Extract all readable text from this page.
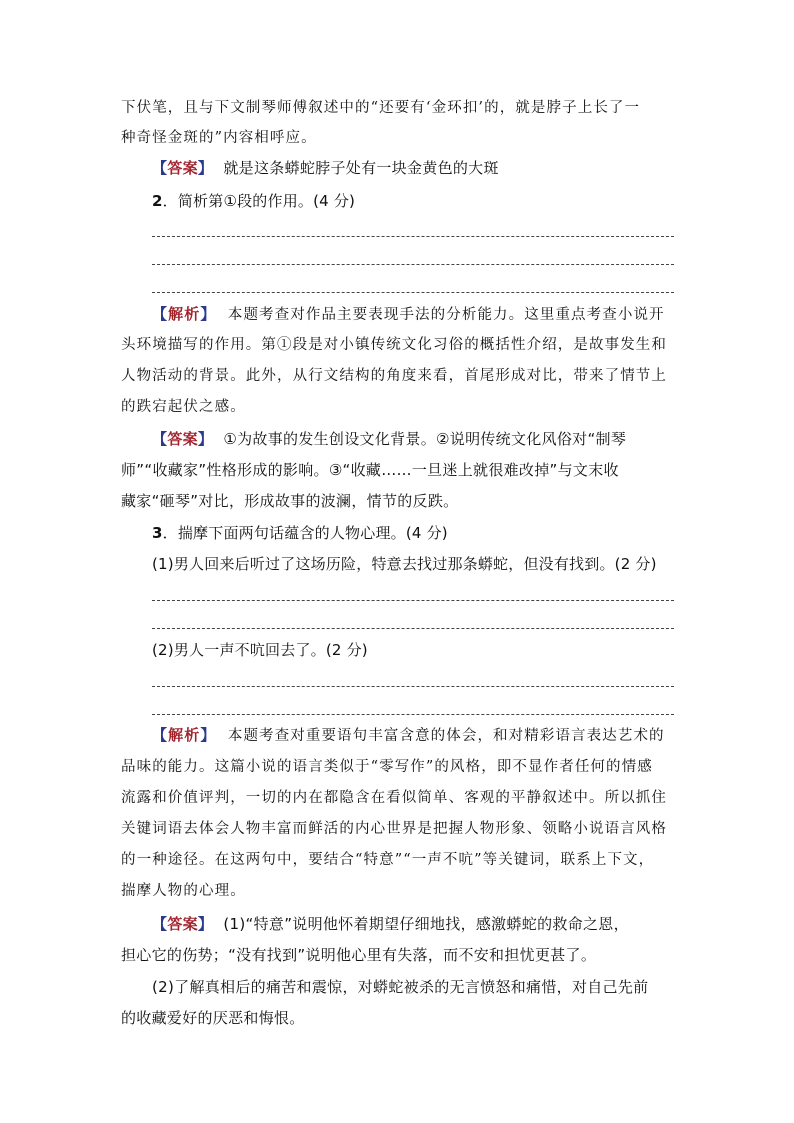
下伏笔，且与下文制琴师傅叙述中的“还要有‘金环扣’的，就是脖子上长了一
种奇怪金斑的”内容相呼应。
【答案】 就是这条蟒蛇脖子处有一块金黄色的大斑
2．简析第①段的作用。(4 分)
【解析】 本题考查对作品主要表现手法的分析能力。这里重点考查小说开
头环境描写的作用。第①段是对小镇传统文化习俗的概括性介绍，是故事发生和
人物活动的背景。此外，从行文结构的角度来看，首尾形成对比，带来了情节上
的跌宕起伏之感。
【答案】 ①为故事的发生创设文化背景。②说明传统文化风俗对“制琴
师”“收藏家”性格形成的影响。③“收藏……一旦迷上就很难改掉”与文末收
藏家“砸琴”对比，形成故事的波澜，情节的反跌。
3．揣摩下面两句话蕴含的人物心理。(4 分)
(1)男人回来后听过了这场历险，特意去找过那条蟒蛇，但没有找到。(2 分)
(2)男人一声不吭回去了。(2 分)
【解析】 本题考查对重要语句丰富含意的体会，和对精彩语言表达艺术的
品味的能力。这篇小说的语言类似于“零写作”的风格，即不显作者任何的情感
流露和价值评判，一切的内在都隐含在看似简单、客观的平静叙述中。所以抓住
关键词语去体会人物丰富而鲜活的内心世界是把握人物形象、领略小说语言风格
的一种途径。在这两句中，要结合“特意”“一声不吭”等关键词，联系上下文，
揣摩人物的心理。
【答案】 (1)“特意”说明他怀着期望仔细地找，感激蟒蛇的救命之恩，
担心它的伤势；“没有找到”说明他心里有失落，而不安和担忧更甚了。
(2)了解真相后的痛苦和震惊，对蟒蛇被杀的无言愤怒和痛惜，对自己先前
的收藏爱好的厌恶和悔恨。
